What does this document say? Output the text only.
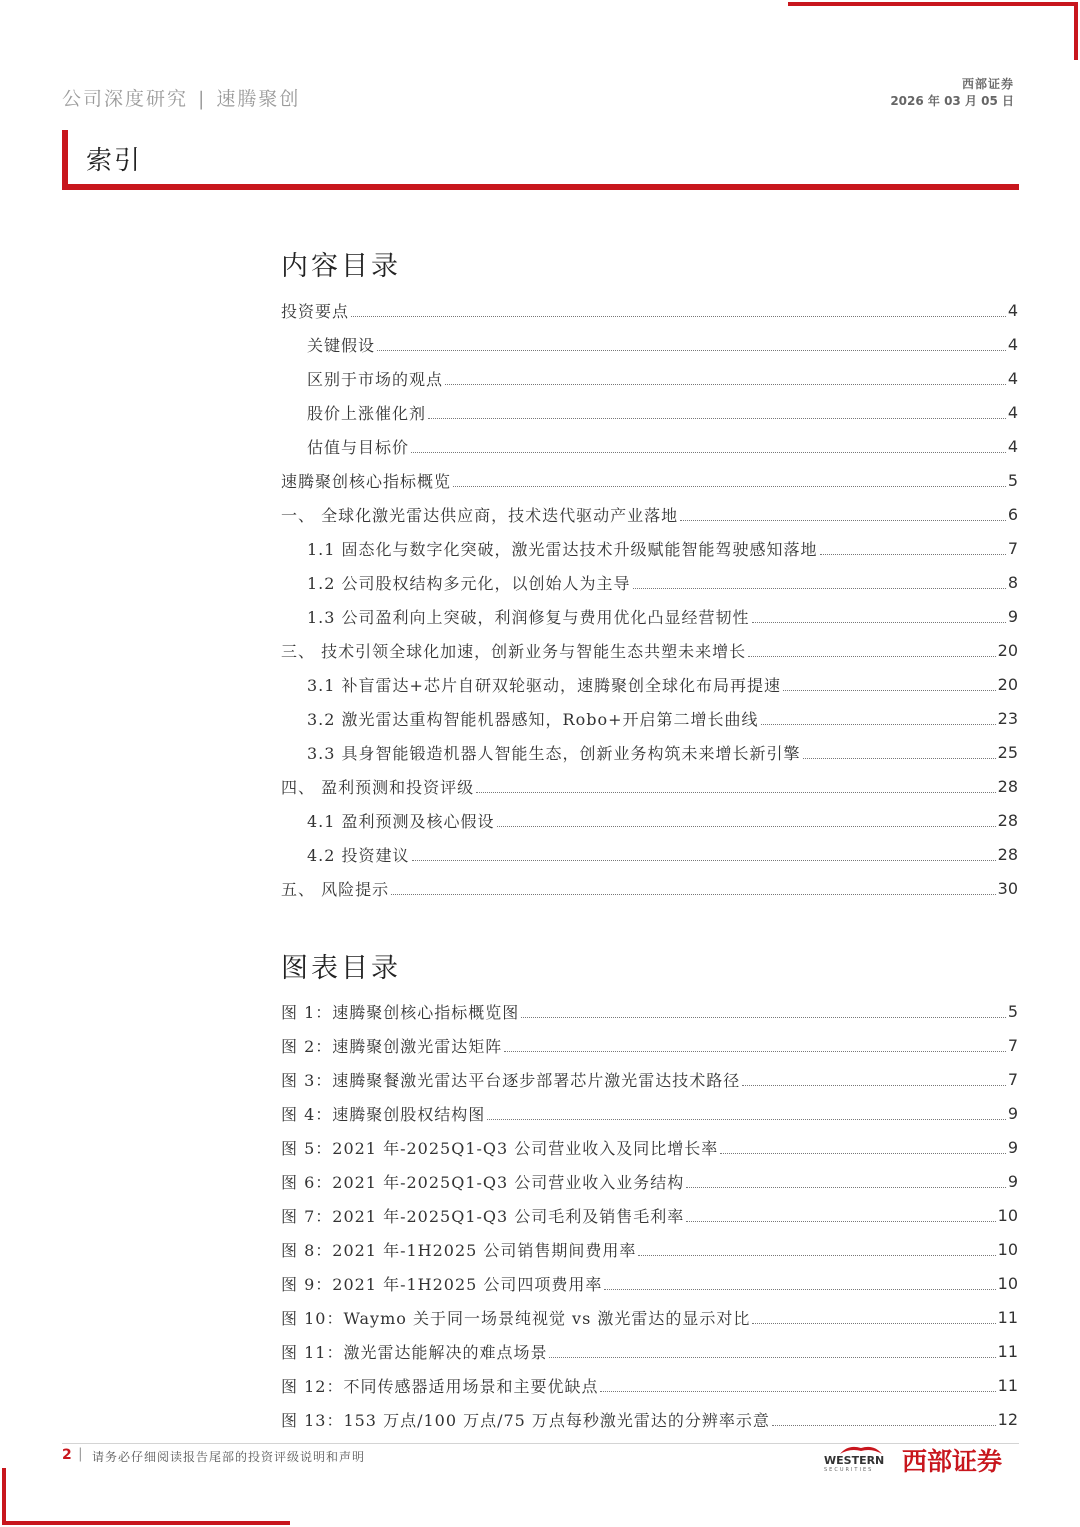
公司深度研究 | 速腾聚创
西部证券
2026 年 03 月 05 日
索引
内容目录
投资要点	4
关键假设	4
区别于市场的观点	4
股价上涨催化剂	4
估值与目标价	4
速腾聚创核心指标概览	5
一、 全球化激光雷达供应商，技术迭代驱动产业落地	6
1.1 固态化与数字化突破，激光雷达技术升级赋能智能驾驶感知落地	7
1.2 公司股权结构多元化，以创始人为主导	8
1.3 公司盈利向上突破，利润修复与费用优化凸显经营韧性	9
三、 技术引领全球化加速，创新业务与智能生态共塑未来增长	20
3.1 补盲雷达+芯片自研双轮驱动，速腾聚创全球化布局再提速	20
3.2 激光雷达重构智能机器感知，Robo+开启第二增长曲线	23
3.3 具身智能锻造机器人智能生态，创新业务构筑未来增长新引擎	25
四、 盈利预测和投资评级	28
4.1 盈利预测及核心假设	28
4.2 投资建议	28
五、 风险提示	30
图表目录
图 1：速腾聚创核心指标概览图	5
图 2：速腾聚创激光雷达矩阵	7
图 3：速腾聚餐激光雷达平台逐步部署芯片激光雷达技术路径	7
图 4：速腾聚创股权结构图	9
图 5：2021 年-2025Q1-Q3 公司营业收入及同比增长率	9
图 6：2021 年-2025Q1-Q3 公司营业收入业务结构	9
图 7：2021 年-2025Q1-Q3 公司毛利及销售毛利率	10
图 8：2021 年-1H2025 公司销售期间费用率	10
图 9：2021 年-1H2025 公司四项费用率	10
图 10：Waymo 关于同一场景纯视觉 vs 激光雷达的显示对比	11
图 11：激光雷达能解决的难点场景	11
图 12：不同传感器适用场景和主要优缺点	11
图 13：153 万点/100 万点/75 万点每秒激光雷达的分辨率示意	12
2 | 请务必仔细阅读报告尾部的投资评级说明和声明	WESTERN
SECURITIES 西部证券
